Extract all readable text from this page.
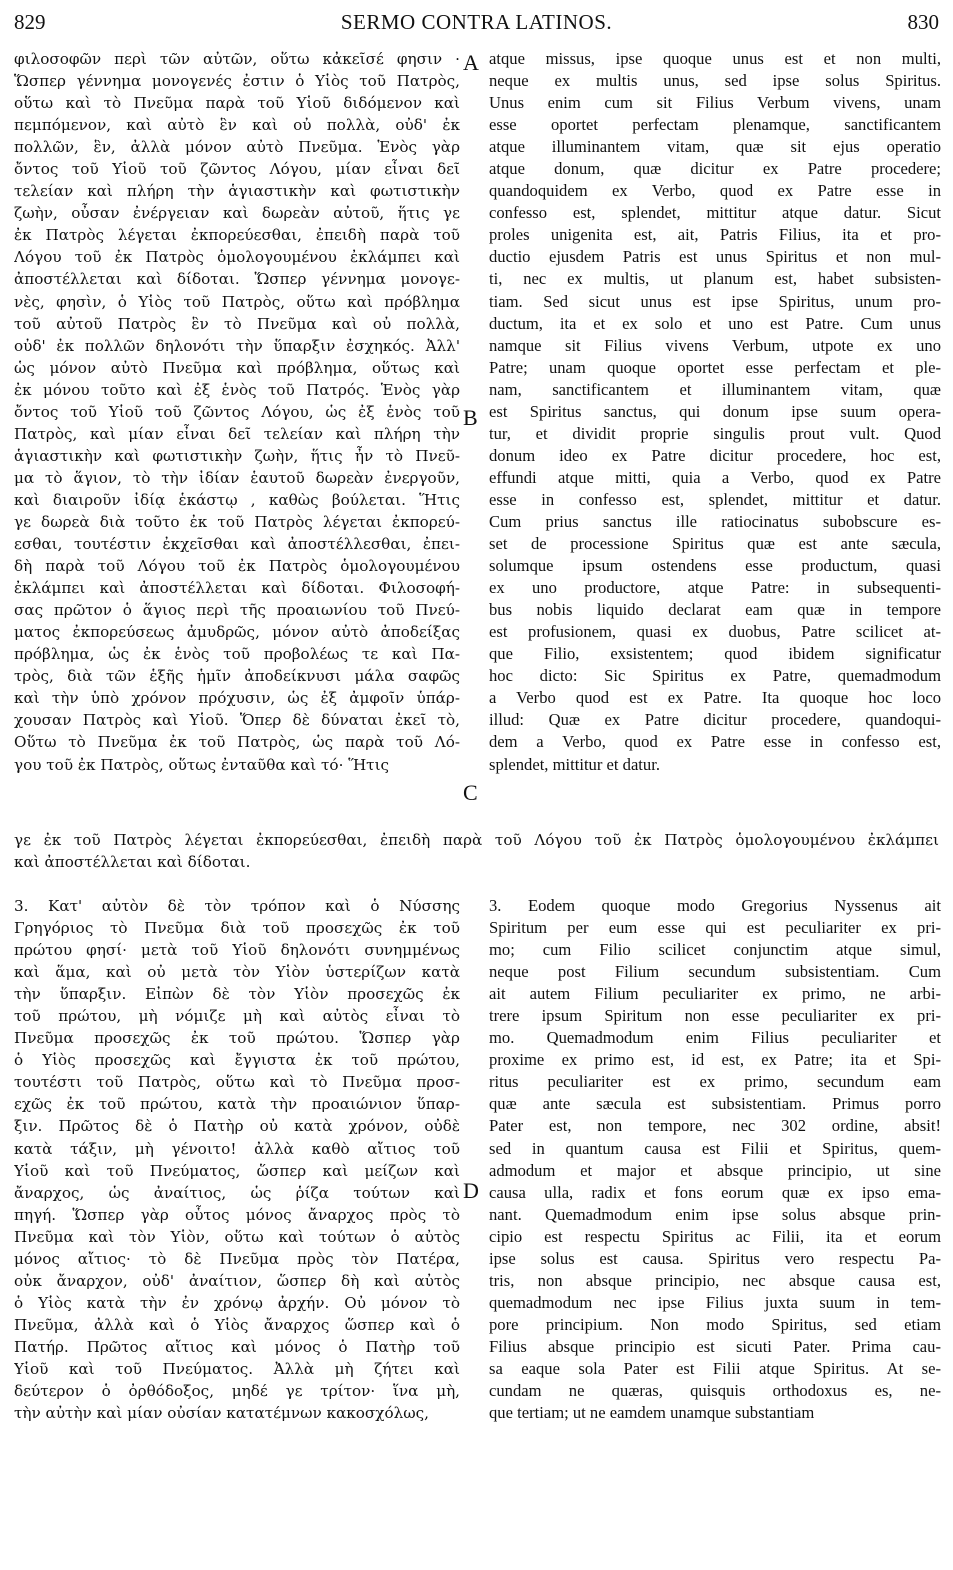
829	SERMO CONTRA LATINOS.	830
φιλοσοφῶν περὶ τῶν αὐτῶν, οὕτω κἀκεῖσέ φησιν ·
Ὥσπερ γέννημα μονογενές ἐστιν ὁ Υἱὸς τοῦ Πατρὸς,
οὕτω καὶ τὸ Πνεῦμα παρὰ τοῦ Υἱοῦ διδόμενον καὶ
πεμπόμενον, καὶ αὐτὸ ἓν καὶ οὐ πολλὰ, οὐδ' ἐκ
πολλῶν, ἓν, ἀλλὰ μόνον αὐτὸ Πνεῦμα. Ἑνὸς γὰρ
ὄντος τοῦ Υἱοῦ τοῦ ζῶντος Λόγου, μίαν εἶναι δεῖ
τελείαν καὶ πλήρη τὴν ἁγιαστικὴν καὶ φωτιστικὴν
ζωὴν, οὖσαν ἐνέργειαν καὶ δωρεὰν αὐτοῦ, ἥτις γε
ἐκ Πατρὸς λέγεται ἐκπορεύεσθαι, ἐπειδὴ παρὰ τοῦ
Λόγου τοῦ ἐκ Πατρὸς ὁμολογουμένου ἐκλάμπει καὶ
ἀποστέλλεται καὶ δίδοται. Ὥσπερ γέννημα μονογε-
νὲς, φησὶν, ὁ Υἱὸς τοῦ Πατρὸς, οὕτω καὶ πρόβλημα
τοῦ αὐτοῦ Πατρὸς ἓν τὸ Πνεῦμα καὶ οὐ πολλὰ,
οὐδ' ἐκ πολλῶν δηλονότι τὴν ὕπαρξιν ἐσχηκός. Ἀλλ'
ὡς μόνον αὐτὸ Πνεῦμα καὶ πρόβλημα, οὕτως καὶ
ἐκ μόνου τοῦτο καὶ ἐξ ἑνὸς τοῦ Πατρός. Ἑνὸς γὰρ
ὄντος τοῦ Υἱοῦ τοῦ ζῶντος Λόγου, ὡς ἐξ ἑνὸς τοῦ
Πατρὸς, καὶ μίαν εἶναι δεῖ τελείαν καὶ πλήρη τὴν
ἁγιαστικὴν καὶ φωτιστικὴν ζωὴν, ἥτις ἦν τὸ Πνεῦ-
μα τὸ ἅγιον, τὸ τὴν ἰδίαν ἑαυτοῦ δωρεὰν ἐνεργοῦν,
καὶ διαιροῦν ἰδίᾳ ἑκάστῳ , καθὼς βούλεται. Ἥτις
γε δωρεὰ διὰ τοῦτο ἐκ τοῦ Πατρὸς λέγεται ἐκπορεύ-
εσθαι, τουτέστιν ἐκχεῖσθαι καὶ ἀποστέλλεσθαι, ἐπει-
δὴ παρὰ τοῦ Λόγου τοῦ ἐκ Πατρὸς ὁμολογουμένου
ἐκλάμπει καὶ ἀποστέλλεται καὶ δίδοται. Φιλοσοφή-
σας πρῶτον ὁ ἅγιος περὶ τῆς προαιωνίου τοῦ Πνεύ-
ματος ἐκπορεύσεως ἀμυδρῶς, μόνον αὐτὸ ἀποδείξας
πρόβλημα, ὡς ἐκ ἑνὸς τοῦ προβολέως τε καὶ Πα-
τρὸς, διὰ τῶν ἑξῆς ἡμῖν ἀποδείκνυσι μάλα σαφῶς
καὶ τὴν ὑπὸ χρόνον πρόχυσιν, ὡς ἐξ ἀμφοῖν ὑπάρ-
χουσαν Πατρὸς καὶ Υἱοῦ. Ὅπερ δὲ δύναται ἐκεῖ τὸ,
Οὕτω τὸ Πνεῦμα ἐκ τοῦ Πατρὸς, ὡς παρὰ τοῦ Λό-
γου τοῦ ἐκ Πατρὸς, οὕτως ἐνταῦθα καὶ τό· Ἥτις
atque missus, ipse quoque unus est et non multi,
neque ex multis unus, sed ipse solus Spiritus.
Unus enim cum sit Filius Verbum vivens, unam
esse oportet perfectam plenamque, sanctificantem
atque illuminantem vitam, quæ sit ejus operatio
atque donum, quæ dicitur ex Patre procedere;
quandoquidem ex Verbo, quod ex Patre esse in
confesso est, splendet, mittitur atque datur. Sicut
proles unigenita est, ait, Patris Filius, ita et pro-
ductio ejusdem Patris est unus Spiritus et non mul-
ti, nec ex multis, ut planum est, habet subsisten-
tiam. Sed sicut unus est ipse Spiritus, unum pro-
ductum, ita et ex solo et uno est Patre. Cum unus
namque sit Filius vivens Verbum, utpote ex uno
Patre; unam quoque oportet esse perfectam et ple-
nam, sanctificantem et illuminantem vitam, quæ
est Spiritus sanctus, qui donum ipse suum opera-
tur, et dividit proprie singulis prout vult. Quod
donum ideo ex Patre dicitur procedere, hoc est,
effundi atque mitti, quia a Verbo, quod ex Patre
esse in confesso est, splendet, mittitur et datur.
Cum prius sanctus ille ratiocinatus subobscure es-
set de processione Spiritus quæ est ante sæcula,
solumque ipsum ostendens esse productum, quasi
ex uno productore, atque Patre: in subsequenti-
bus nobis liquido declarat eam quæ in tempore
est profusionem, quasi ex duobus, Patre scilicet at-
que Filio, exsistentem; quod ibidem significatur
hoc dicto: Sic Spiritus ex Patre, quemadmodum
a Verbo quod est ex Patre. Ita quoque hoc loco
illud: Quæ ex Patre dicitur procedere, quandoqui-
dem a Verbo, quod ex Patre esse in confesso est,
splendet, mittitur et datur.
A
B
C
D
γε ἐκ τοῦ Πατρὸς λέγεται ἐκπορεύεσθαι, ἐπειδὴ παρὰ τοῦ Λόγου τοῦ ἐκ Πατρὸς ὁμολογουμένου ἐκλάμπει
καὶ ἀποστέλλεται καὶ δίδοται.
3. Κατ' αὐτὸν δὲ τὸν τρόπον καὶ ὁ Νύσσης
Γρηγόριος τὸ Πνεῦμα διὰ τοῦ προσεχῶς ἐκ τοῦ
πρώτου φησί· μετὰ τοῦ Υἱοῦ δηλονότι συνημμένως
καὶ ἅμα, καὶ οὐ μετὰ τὸν Υἱὸν ὑστερίζων κατὰ
τὴν ὕπαρξιν. Εἰπὼν δὲ τὸν Υἱὸν προσεχῶς ἐκ
τοῦ πρώτου, μὴ νόμιζε μὴ καὶ αὐτὸς εἶναι τὸ
Πνεῦμα προσεχῶς ἐκ τοῦ πρώτου. Ὥσπερ γὰρ
ὁ Υἱὸς προσεχῶς καὶ ἔγγιστα ἐκ τοῦ πρώτου,
τουτέστι τοῦ Πατρὸς, οὕτω καὶ τὸ Πνεῦμα προσ-
εχῶς ἐκ τοῦ πρώτου, κατὰ τὴν προαιώνιον ὕπαρ-
ξιν. Πρῶτος δὲ ὁ Πατὴρ οὐ κατὰ χρόνον, οὐδὲ
κατὰ τάξιν, μὴ γένοιτο! ἀλλὰ καθὸ αἴτιος τοῦ
Υἱοῦ καὶ τοῦ Πνεύματος, ὥσπερ καὶ μείζων καὶ
ἄναρχος, ὡς ἀναίτιος, ὡς ῥίζα τούτων καὶ
πηγή. Ὥσπερ γὰρ οὗτος μόνος ἄναρχος πρὸς τὸ
Πνεῦμα καὶ τὸν Υἱὸν, οὕτω καὶ τούτων ὁ αὐτὸς
μόνος αἴτιος· τὸ δὲ Πνεῦμα πρὸς τὸν Πατέρα,
οὐκ ἄναρχον, οὐδ' ἀναίτιον, ὥσπερ δὴ καὶ αὐτὸς
ὁ Υἱὸς κατὰ τὴν ἐν χρόνῳ ἀρχήν. Οὐ μόνον τὸ
Πνεῦμα, ἀλλὰ καὶ ὁ Υἱὸς ἄναρχος ὥσπερ καὶ ὁ
Πατήρ. Πρῶτος αἴτιος καὶ μόνος ὁ Πατὴρ τοῦ
Υἱοῦ καὶ τοῦ Πνεύματος. Ἀλλὰ μὴ ζήτει καὶ
δεύτερον ὁ ὀρθόδοξος, μηδέ γε τρίτον· ἵνα μὴ,
τὴν αὐτὴν καὶ μίαν οὐσίαν κατατέμνων κακοσχόλως,
3. Eodem quoque modo Gregorius Nyssenus ait
Spiritum per eum esse qui est peculiariter ex pri-
mo; cum Filio scilicet conjunctim atque simul,
neque post Filium secundum subsistentiam. Cum
ait autem Filium peculiariter ex primo, ne arbi-
trere ipsum Spiritum non esse peculiariter ex pri-
mo. Quemadmodum enim Filius peculiariter et
proxime ex primo est, id est, ex Patre; ita et Spi-
ritus peculiariter est ex primo, secundum eam
quæ ante sæcula est subsistentiam. Primus porro
Pater est, non tempore, nec 302 ordine, absit!
sed in quantum causa est Filii et Spiritus, quem-
admodum et major et absque principio, ut sine
causa ulla, radix et fons eorum quæ ex ipso ema-
nant. Quemadmodum enim ipse solus absque prin-
cipio est respectu Spiritus ac Filii, ita et eorum
ipse solus est causa. Spiritus vero respectu Pa-
tris, non absque principio, nec absque causa est,
quemadmodum nec ipse Filius juxta suum in tem-
pore principium. Non modo Spiritus, sed etiam
Filius absque principio est sicuti Pater. Prima cau-
sa eaque sola Pater est Filii atque Spiritus. At se-
cundam ne quæras, quisquis orthodoxus es, ne-
que tertiam; ut ne eamdem unamque substantiam
